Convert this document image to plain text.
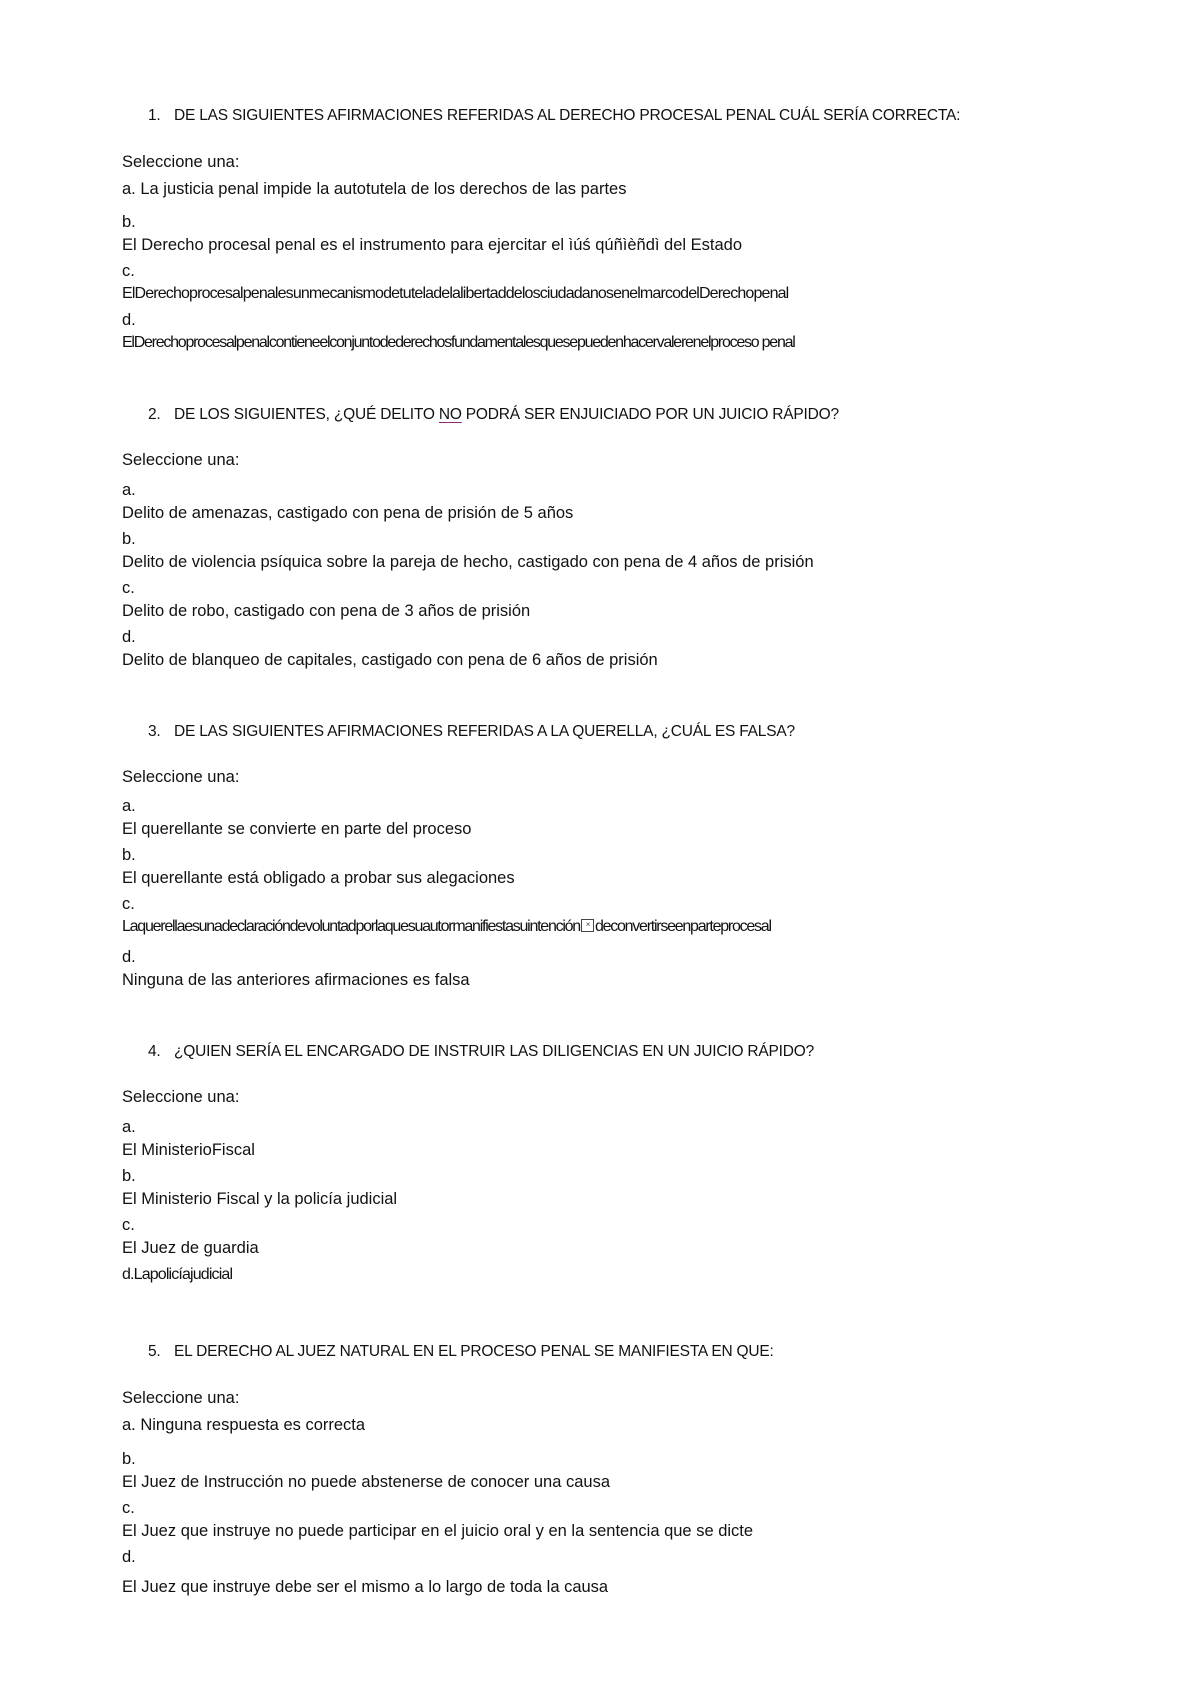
1. DE LAS SIGUIENTES AFIRMACIONES REFERIDAS AL DERECHO PROCESAL PENAL CUÁL SERÍA CORRECTA:
Seleccione una:
a. La justicia penal impide la autotutela de los derechos de las partes
b.
El Derecho procesal penal es el instrumento para ejercitar el ìúś qúñìèñdì del Estado
c.
ElDerechoprocesalpenalesunmecanismodetuteladelalibertaddelosciudadanosenelmarcodelDerechopenal
d.
ElDerechoprocesalpenalcontieneelconjuntodederechosfundamentalesquesepuedenhacervalerenelproceso penal
2. DE LOS SIGUIENTES, ¿QUÉ DELITO NO PODRÁ SER ENJUICIADO POR UN JUICIO RÁPIDO?
Seleccione una:
a.
Delito de amenazas, castigado con pena de prisión de 5 años
b.
Delito de violencia psíquica sobre la pareja de hecho, castigado con pena de 4 años de prisión
c.
Delito de robo, castigado con pena de 3 años de prisión
d.
Delito de blanqueo de capitales, castigado con pena de 6 años de prisión
3. DE LAS SIGUIENTES AFIRMACIONES REFERIDAS A LA QUERELLA, ¿CUÁL ES FALSA?
Seleccione una:
a.
El querellante se convierte en parte del proceso
b.
El querellante está obligado a probar sus alegaciones
c.
Laquerellaesunadeclaracióndevoluntadporlaquesuautormanifiestasuintención × deconvertirseenparteprocesal
d.
Ninguna de las anteriores afirmaciones es falsa
4. ¿QUIEN SERÍA EL ENCARGADO DE INSTRUIR LAS DILIGENCIAS EN UN JUICIO RÁPIDO?
Seleccione una:
a.
El MinisterioFiscal
b.
El Ministerio Fiscal y la policía judicial
c.
El Juez de guardia
d.Lapolicíajudicial
5. EL DERECHO AL JUEZ NATURAL EN EL PROCESO PENAL SE MANIFIESTA EN QUE:
Seleccione una:
a. Ninguna respuesta es correcta
b.
El Juez de Instrucción no puede abstenerse de conocer una causa
c.
El Juez que instruye no puede participar en el juicio oral y en la sentencia que se dicte
d.
El Juez que instruye debe ser el mismo a lo largo de toda la causa
